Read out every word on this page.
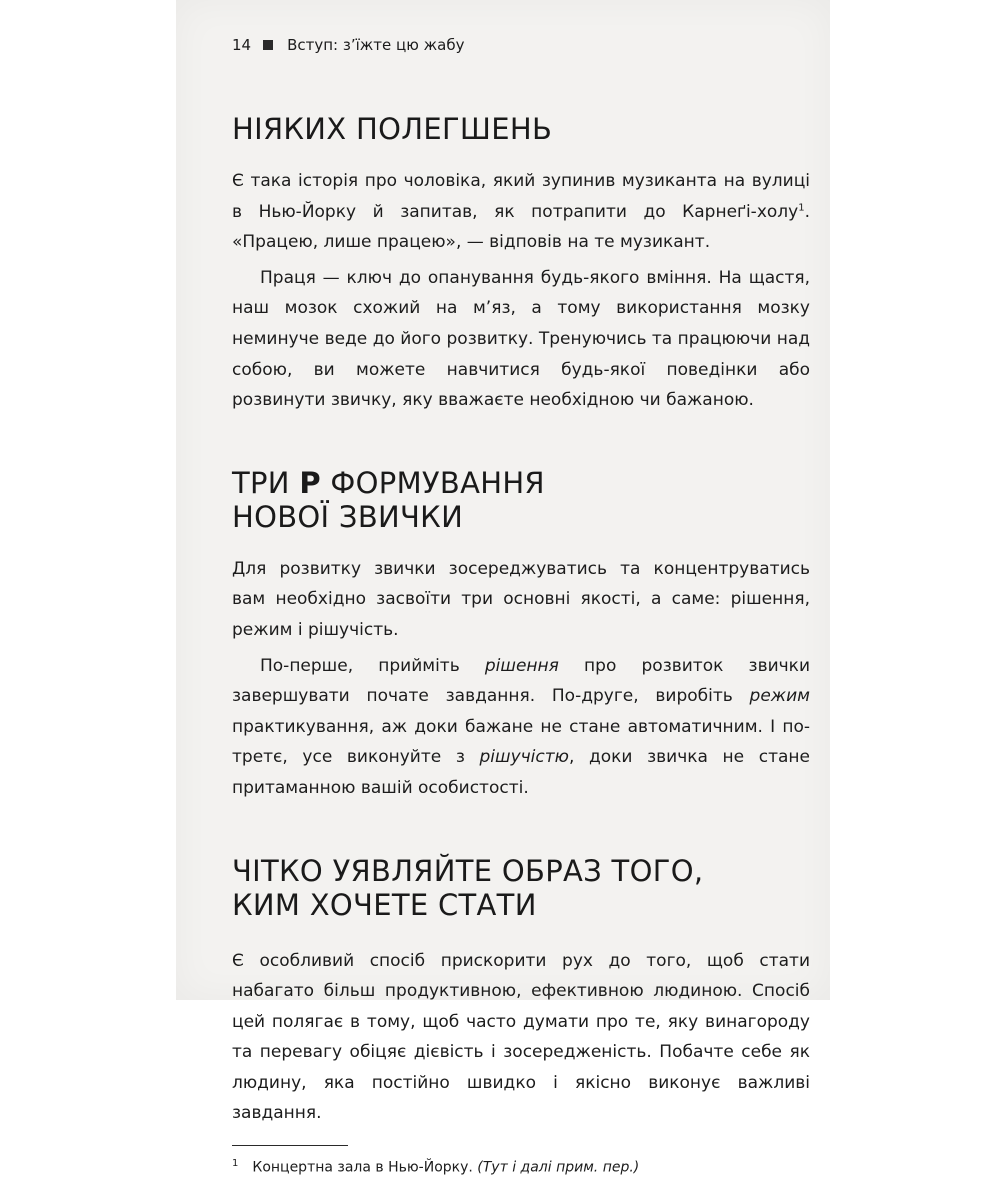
14 Вступ: з’їжте цю жабу
НІЯКИХ ПОЛЕГШЕНЬ

Є така історія про чоловіка, який зупинив музиканта на вулиці в Нью-Йорку й запитав, як потрапити до Карнеґі-холу$^1$. «Працею, лише працею», — відповів на те музикант.

Праця — ключ до опанування будь-якого вміння. На щастя, наш мозок схожий на м’яз, а тому використання мозку неминуче веде до його розвитку. Тренуючись та працюючи над собою, ви можете навчитися будь-якої поведінки або розвинути звичку, яку вважаєте необхідною чи бажаною.

ТРИ Р ФОРМУВАННЯ
НОВОЇ ЗВИЧКИ

Для розвитку звички зосереджуватись та концентруватись вам необхідно засвоїти три основні якості, а саме: рішення, режим і рішучість.

По-перше, прийміть рішення про розвиток звички завершувати почате завдання. По-друге, виробіть режим практикування, аж доки бажане не стане автоматичним. І по-третє, усе виконуйте з рішучістю, доки звичка не стане притаманною вашій особистості.

ЧІТКО УЯВЛЯЙТЕ ОБРАЗ ТОГО,
КИМ ХОЧЕТЕ СТАТИ

Є особливий спосіб прискорити рух до того, щоб стати набагато більш продуктивною, ефективною людиною. Спосіб цей полягає в тому, щоб часто думати про те, яку винагороду та перевагу обіцяє дієвість і зосередженість. Побачте себе як людину, яка постійно швидко і якісно виконує важливі завдання.

$^1$ Концертна зала в Нью-Йорку. (Тут і далі прим. пер.)
